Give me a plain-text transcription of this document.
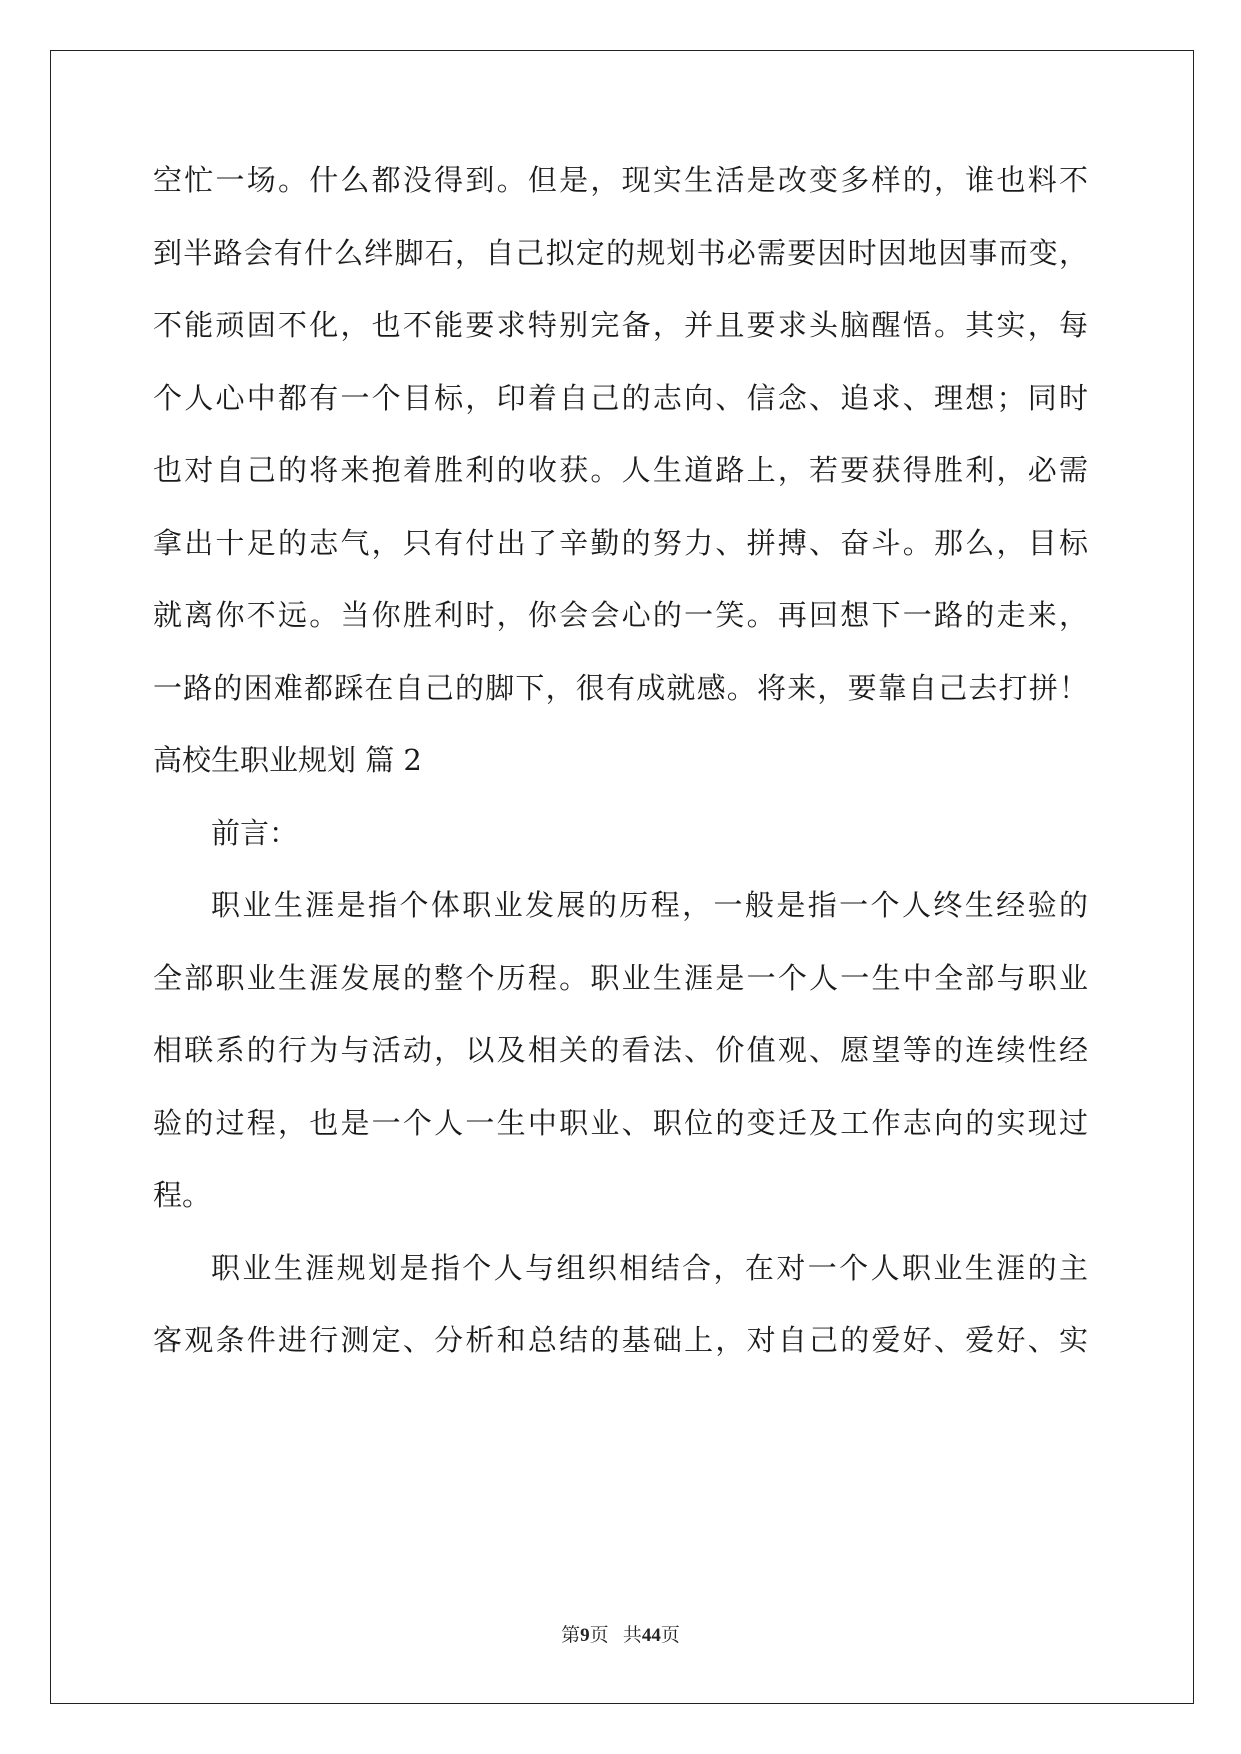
空忙一场。什么都没得到。但是，现实生活是改变多样的，谁也料不
到半路会有什么绊脚石，自己拟定的规划书必需要因时因地因事而变，
不能顽固不化，也不能要求特别完备，并且要求头脑醒悟。其实，每
个人心中都有一个目标，印着自己的志向、信念、追求、理想；同时
也对自己的将来抱着胜利的收获。人生道路上，若要获得胜利，必需
拿出十足的志气，只有付出了辛勤的努力、拼搏、奋斗。那么，目标
就离你不远。当你胜利时，你会会心的一笑。再回想下一路的走来，
一路的困难都踩在自己的脚下，很有成就感。将来，要靠自己去打拼！
高校生职业规划 篇 2
前言：
职业生涯是指个体职业发展的历程，一般是指一个人终生经验的
全部职业生涯发展的整个历程。职业生涯是一个人一生中全部与职业
相联系的行为与活动，以及相关的看法、价值观、愿望等的连续性经
验的过程，也是一个人一生中职业、职位的变迁及工作志向的实现过
程。
职业生涯规划是指个人与组织相结合，在对一个人职业生涯的主
客观条件进行测定、分析和总结的基础上，对自己的爱好、爱好、实
第9页 共44页
